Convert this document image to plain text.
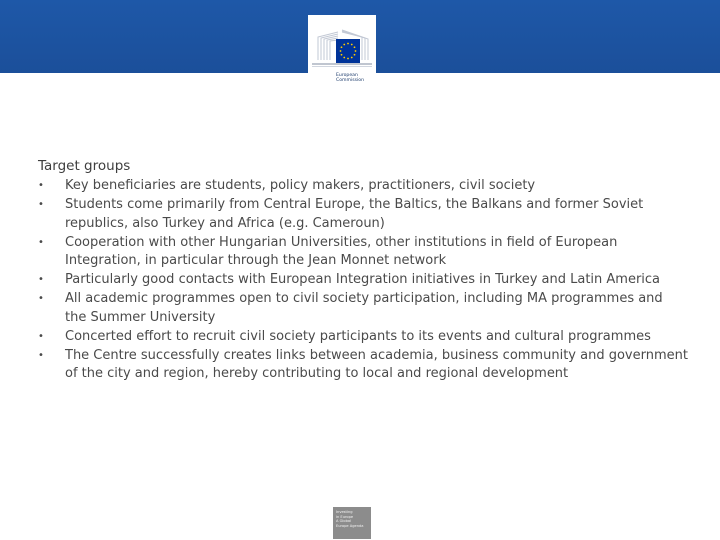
European
Commission
Target groups
• Key beneficiaries are students, policy makers, practitioners, civil society
• Students come primarily from Central Europe, the Baltics, the Balkans and former Soviet republics, also Turkey and Africa (e.g. Cameroun)
• Cooperation with other Hungarian Universities, other institutions in field of European Integration, in particular through the Jean Monnet network
• Particularly good contacts with European Integration initiatives in Turkey and Latin America
• All academic programmes open to civil society participation, including MA programmes and the Summer University
• Concerted effort to recruit civil society participants to its events and cultural programmes
• The Centre successfully creates links between academia, business community and government of the city and region, hereby contributing to local and regional development
Investing
in Europe
A Global
Europe Agenda
